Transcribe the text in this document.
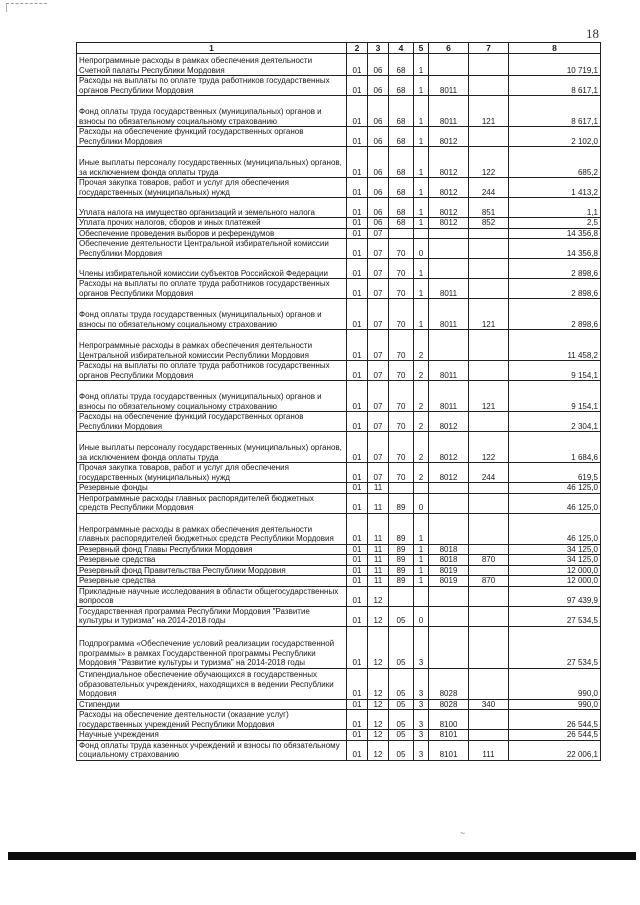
18
1	2	3	4	5	6	7	8
Непрограммные расходы в рамках обеспечения деятельности Счетной палаты Республики Мордовия	01	06	68	1			10 719,1
Расходы на выплаты по оплате труда работников государственных органов Республики Мордовия	01	06	68	1	8011		8 617,1
Фонд оплаты труда государственных (муниципальных) органов и взносы по обязательному социальному страхованию	01	06	68	1	8011	121	8 617,1
Расходы на обеспечение функций государственных органов Республики Мордовия	01	06	68	1	8012		2 102,0
Иные выплаты персоналу государственных (муниципальных) органов, за исключением фонда оплаты труда	01	06	68	1	8012	122	685,2
Прочая закупка товаров, работ и услуг для обеспечения государственных (муниципальных) нужд	01	06	68	1	8012	244	1 413,2
Уплата налога на имущество организаций и земельного налога	01	06	68	1	8012	851	1,1
Уплата прочих налогов, сборов и иных платежей	01	06	68	1	8012	852	2,5
Обеспечение проведения выборов и референдумов	01	07					14 356,8
Обеспечение деятельности Центральной избирательной комиссии Республики Мордовия	01	07	70	0			14 356,8
Члены избирательной комиссии субъектов Российской Федерации	01	07	70	1			2 898,6
Расходы на выплаты по оплате труда работников государственных органов Республики Мордовия	01	07	70	1	8011		2 898,6
Фонд оплаты труда государственных (муниципальных) органов и взносы по обязательному социальному страхованию	01	07	70	1	8011	121	2 898,6
Непрограммные расходы в рамках обеспечения деятельности Центральной избирательной комиссии Республики Мордовия	01	07	70	2			11 458,2
Расходы на выплаты по оплате труда работников государственных органов Республики Мордовия	01	07	70	2	8011		9 154,1
Фонд оплаты труда государственных (муниципальных) органов и взносы по обязательному социальному страхованию	01	07	70	2	8011	121	9 154,1
Расходы на обеспечение функций государственных органов Республики Мордовия	01	07	70	2	8012		2 304,1
Иные выплаты персоналу государственных (муниципальных) органов, за исключением фонда оплаты труда	01	07	70	2	8012	122	1 684,6
Прочая закупка товаров, работ и услуг для обеспечения государственных (муниципальных) нужд	01	07	70	2	8012	244	619,5
Резервные фонды	01	11					46 125,0
Непрограммные расходы главных распорядителей бюджетных средств Республики Мордовия	01	11	89	0			46 125,0
Непрограммные расходы в рамках обеспечения деятельности главных распорядителей бюджетных средств Республики Мордовия	01	11	89	1			46 125,0
Резервный фонд Главы Республики Мордовия	01	11	89	1	8018		34 125,0
Резервные средства	01	11	89	1	8018	870	34 125,0
Резервный фонд Правительства Республики Мордовия	01	11	89	1	8019		12 000,0
Резервные средства	01	11	89	1	8019	870	12 000,0
Прикладные научные исследования в области общегосударственных вопросов	01	12					97 439,9
Государственная программа Республики Мордовия "Развитие культуры и туризма" на 2014-2018 годы	01	12	05	0			27 534,5
Подпрограмма «Обеспечение условий реализации государственной программы» в рамках Государственной программы Республики Мордовия "Развитие культуры и туризма" на 2014-2018 годы	01	12	05	3			27 534,5
Стипендиальное обеспечение обучающихся в государственных образовательных учреждениях, находящихся в ведении Республики Мордовия	01	12	05	3	8028		990,0
Стипендии	01	12	05	3	8028	340	990,0
Расходы на обеспечение деятельности (оказание услуг) государственных учреждений Республики Мордовия	01	12	05	3	8100		26 544,5
Научные учреждения	01	12	05	3	8101		26 544,5
Фонд оплаты труда казенных учреждений и взносы по обязательному социальному страхованию	01	12	05	3	8101	111	22 006,1
~
